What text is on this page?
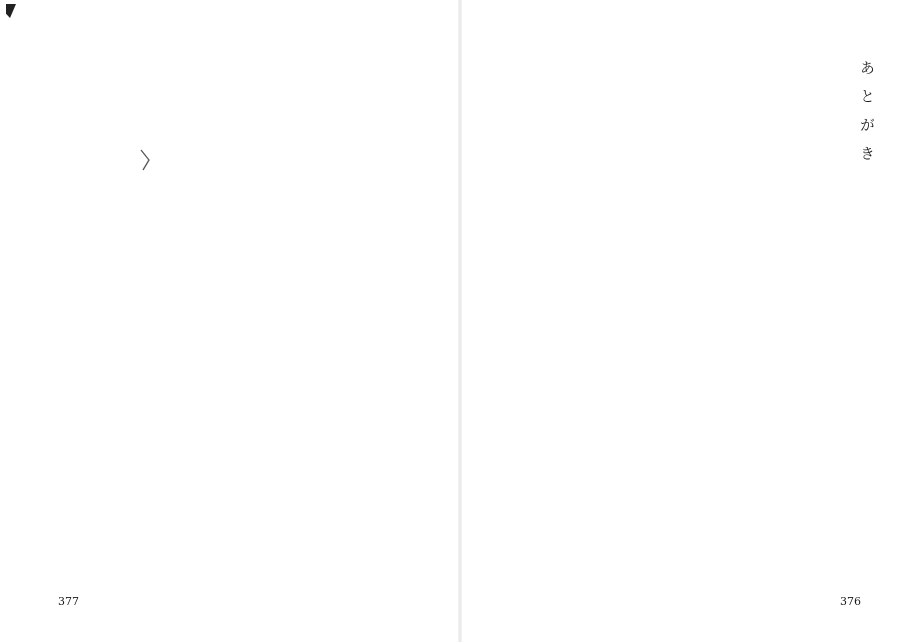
377
あとがき
376
